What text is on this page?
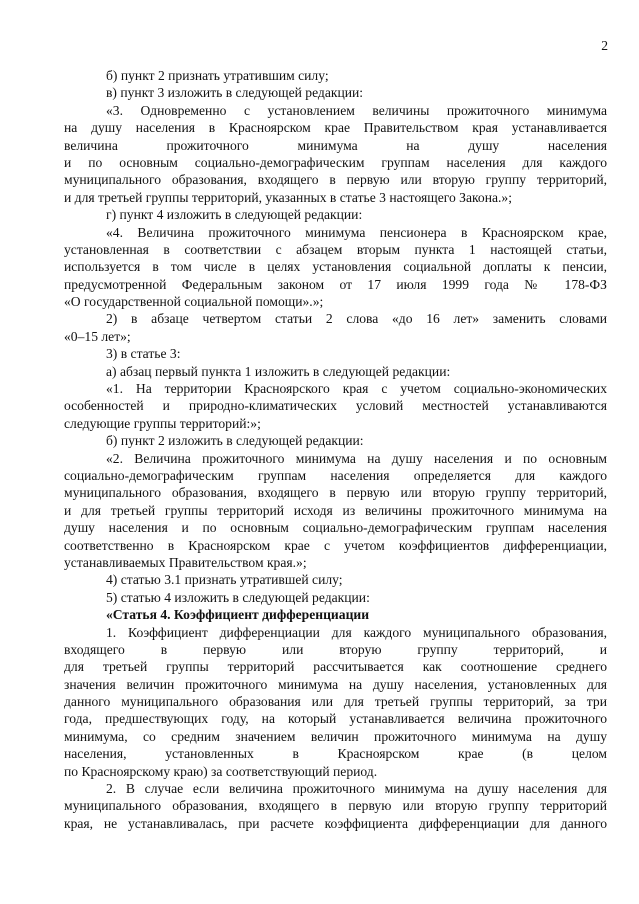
2
б) пункт 2 признать утратившим силу;
в) пункт 3 изложить в следующей редакции:
«3. Одновременно с установлением величины прожиточного минимума
на душу населения в Красноярском крае Правительством края устанавливается
величина прожиточного минимума на душу населения
и по основным социально-демографическим группам населения для каждого
муниципального образования, входящего в первую или вторую группу территорий,
и для третьей группы территорий, указанных в статье 3 настоящего Закона.»;
г) пункт 4 изложить в следующей редакции:
«4. Величина прожиточного минимума пенсионера в Красноярском крае,
установленная в соответствии с абзацем вторым пункта 1 настоящей статьи,
используется в том числе в целях установления социальной доплаты к пенсии,
предусмотренной Федеральным законом от 17 июля 1999 года № 178-ФЗ
«О государственной социальной помощи».»;
2) в абзаце четвертом статьи 2 слова «до 16 лет» заменить словами
«0–15 лет»;
3) в статье 3:
а) абзац первый пункта 1 изложить в следующей редакции:
«1. На территории Красноярского края с учетом социально-экономических
особенностей и природно-климатических условий местностей устанавливаются
следующие группы территорий:»;
б) пункт 2 изложить в следующей редакции:
«2. Величина прожиточного минимума на душу населения и по основным
социально-демографическим группам населения определяется для каждого
муниципального образования, входящего в первую или вторую группу территорий,
и для третьей группы территорий исходя из величины прожиточного минимума на
душу населения и по основным социально-демографическим группам населения
соответственно в Красноярском крае с учетом коэффициентов дифференциации,
устанавливаемых Правительством края.»;
4) статью 3.1 признать утратившей силу;
5) статью 4 изложить в следующей редакции:
«Статья 4. Коэффициент дифференциации
1. Коэффициент дифференциации для каждого муниципального образования,
входящего в первую или вторую группу территорий, и
для третьей группы территорий рассчитывается как соотношение среднего
значения величин прожиточного минимума на душу населения, установленных для
данного муниципального образования или для третьей группы территорий, за три
года, предшествующих году, на который устанавливается величина прожиточного
минимума, со средним значением величин прожиточного минимума на душу
населения, установленных в Красноярском крае (в целом
по Красноярскому краю) за соответствующий период.
2. В случае если величина прожиточного минимума на душу населения для
муниципального образования, входящего в первую или вторую группу территорий
края, не устанавливалась, при расчете коэффициента дифференциации для данного
